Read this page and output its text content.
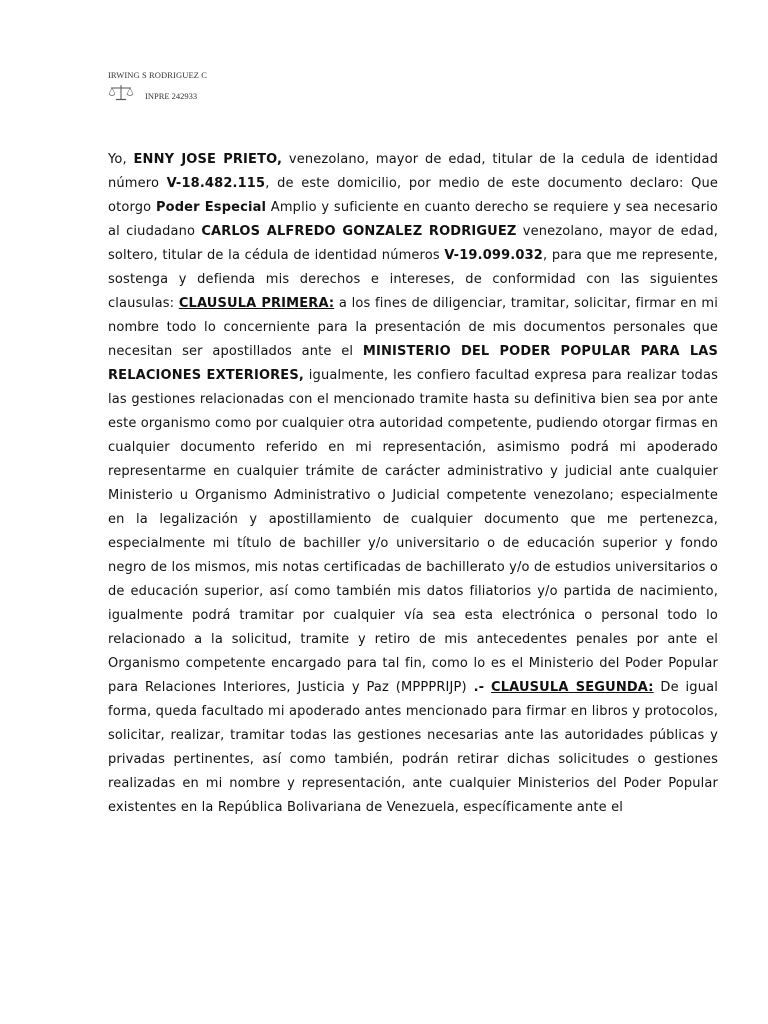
IRWING S RODRIGUEZ C
INPRE 242933
Yo, ENNY JOSE PRIETO, venezolano, mayor de edad, titular de la cedula de identidad número V-18.482.115, de este domicilio, por medio de este documento declaro: Que otorgo Poder Especial Amplio y suficiente en cuanto derecho se requiere y sea necesario al ciudadano CARLOS ALFREDO GONZALEZ RODRIGUEZ venezolano, mayor de edad, soltero, titular de la cédula de identidad números V-19.099.032, para que me represente, sostenga y defienda mis derechos e intereses, de conformidad con las siguientes clausulas: CLAUSULA PRIMERA: a los fines de diligenciar, tramitar, solicitar, firmar en mi nombre todo lo concerniente para la presentación de mis documentos personales que necesitan ser apostillados ante el MINISTERIO DEL PODER POPULAR PARA LAS RELACIONES EXTERIORES, igualmente, les confiero facultad expresa para realizar todas las gestiones relacionadas con el mencionado tramite hasta su definitiva bien sea por ante este organismo como por cualquier otra autoridad competente, pudiendo otorgar firmas en cualquier documento referido en mi representación, asimismo podrá mi apoderado representarme en cualquier trámite de carácter administrativo y judicial ante cualquier Ministerio u Organismo Administrativo o Judicial competente venezolano; especialmente en la legalización y apostillamiento de cualquier documento que me pertenezca, especialmente mi título de bachiller y/o universitario o de educación superior y fondo negro de los mismos, mis notas certificadas de bachillerato y/o de estudios universitarios o de educación superior, así como también mis datos filiatorios y/o partida de nacimiento, igualmente podrá tramitar por cualquier vía sea esta electrónica o personal todo lo relacionado a la solicitud, tramite y retiro de mis antecedentes penales por ante el Organismo competente encargado para tal fin, como lo es el Ministerio del Poder Popular para Relaciones Interiores, Justicia y Paz (MPPPRIJP) .- CLAUSULA SEGUNDA: De igual forma, queda facultado mi apoderado antes mencionado para firmar en libros y protocolos, solicitar, realizar, tramitar todas las gestiones necesarias ante las autoridades públicas y privadas pertinentes, así como también, podrán retirar dichas solicitudes o gestiones realizadas en mi nombre y representación, ante cualquier Ministerios del Poder Popular existentes en la República Bolivariana de Venezuela, específicamente ante el
